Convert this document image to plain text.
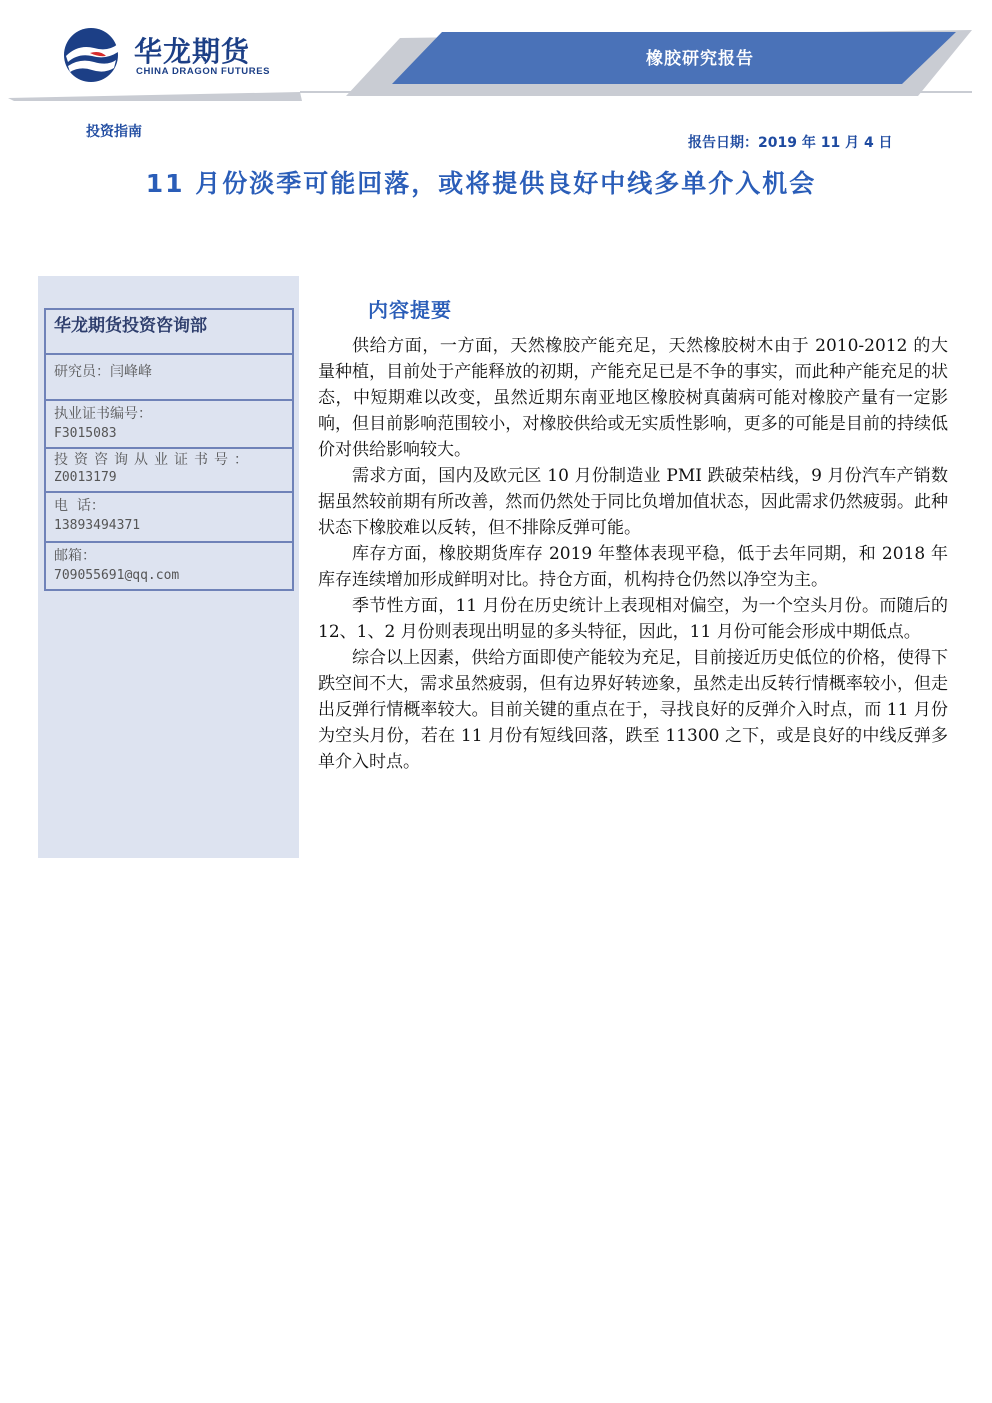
华龙期货
CHINA DRAGON FUTURES
橡胶研究报告
投资指南
报告日期：2019 年 11 月 4 日
11 月份淡季可能回落，或将提供良好中线多单介入机会
华龙期货投资咨询部
研究员：闫峰峰

执业证书编号：
F3015083

投资咨询从业证书号：
Z0013179

电  话：
13893494371

邮箱：
709055691@qq.com
内容提要

供给方面，一方面，天然橡胶产能充足，天然橡胶树木由于 2010-2012 的大量种植，目前处于产能释放的初期，产能充足已是不争的事实，而此种产能充足的状态，中短期难以改变，虽然近期东南亚地区橡胶树真菌病可能对橡胶产量有一定影响，但目前影响范围较小，对橡胶供给或无实质性影响，更多的可能是目前的持续低价对供给影响较大。

需求方面，国内及欧元区 10 月份制造业 PMI 跌破荣枯线，9 月份汽车产销数据虽然较前期有所改善，然而仍然处于同比负增加值状态，因此需求仍然疲弱。此种状态下橡胶难以反转，但不排除反弹可能。

库存方面，橡胶期货库存 2019 年整体表现平稳，低于去年同期，和 2018 年库存连续增加形成鲜明对比。持仓方面，机构持仓仍然以净空为主。

季节性方面，11 月份在历史统计上表现相对偏空，为一个空头月份。而随后的 12、1、2 月份则表现出明显的多头特征，因此，11 月份可能会形成中期低点。

综合以上因素，供给方面即使产能较为充足，目前接近历史低位的价格，使得下跌空间不大，需求虽然疲弱，但有边界好转迹象，虽然走出反转行情概率较小，但走出反弹行情概率较大。目前关键的重点在于，寻找良好的反弹介入时点，而 11 月份为空头月份，若在 11 月份有短线回落，跌至 11300 之下，或是良好的中线反弹多单介入时点。
